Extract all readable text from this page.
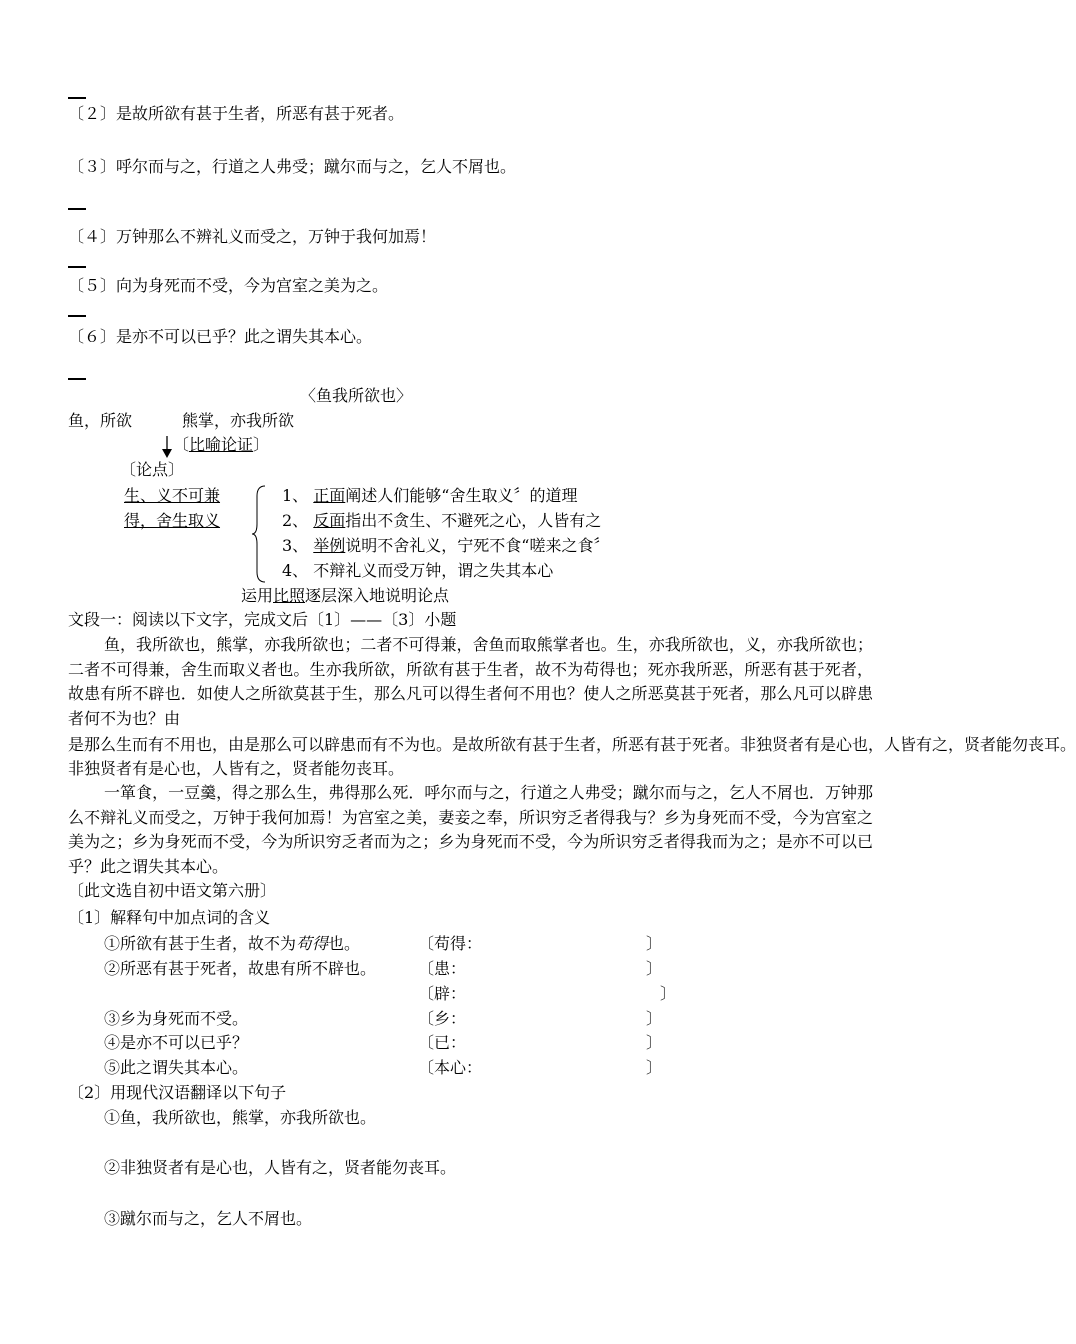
〔２〕是故所欲有甚于生者，所恶有甚于死者。
〔３〕呼尔而与之，行道之人弗受；蹴尔而与之，乞人不屑也。
〔４〕万钟那么不辨礼义而受之，万钟于我何加焉！
〔５〕向为身死而不受，今为宫室之美为之。
〔６〕是亦不可以已乎？此之谓失其本心。
〈鱼我所欲也〉
鱼，所欲	熊掌，亦我所欲
〔比喻论证〕
〔论点〕
生、义不可兼
得，舍生取义
1、 正面阐述人们能够“舍生取义〞的道理
2、 反面指出不贪生、不避死之心，人皆有之
3、 举例说明不舍礼义，宁死不食“嗟来之食〞
4、 不辩礼义而受万钟，谓之失其本心
运用比照逐层深入地说明论点
文段一：阅读以下文字，完成文后〔1〕——〔3〕小题
鱼，我所欲也，熊掌，亦我所欲也；二者不可得兼，舍鱼而取熊掌者也。生，亦我所欲也，义，亦我所欲也；二者不可得兼，舍生而取义者也。生亦我所欲，所欲有甚于生者，故不为苟得也；死亦我所恶，所恶有甚于死者，故患有所不辟也．如使人之所欲莫甚于生，那么凡可以得生者何不用也？使人之所恶莫甚于死者，那么凡可以辟患者何不为也？由
是那么生而有不用也，由是那么可以辟患而有不为也。是故所欲有甚于生者，所恶有甚于死者。非独贤者有是心也，人皆有之，贤者能勿丧耳。
非独贤者有是心也，人皆有之，贤者能勿丧耳。
一箪食，一豆羹，得之那么生，弗得那么死．呼尔而与之，行道之人弗受；蹴尔而与之，乞人不屑也．万钟那么不辩礼义而受之，万钟于我何加焉！为宫室之美，妻妾之奉，所识穷乏者得我与？乡为身死而不受，今为宫室之美为之；乡为身死而不受，今为所识穷乏者而为之；乡为身死而不受，今为所识穷乏者得我而为之；是亦不可以已乎？此之谓失其本心。
〔此文选自初中语文第六册〕
〔1〕解释句中加点词的含义
①所欲有甚于生者，故不为苟得也。	〔苟得：	〕
②所恶有甚于死者，故患有所不辟也。	〔患：	〕
〔辟：	〕
③乡为身死而不受。	〔乡：	〕
④是亦不可以已乎？	〔已：	〕
⑤此之谓失其本心。	〔本心：	〕
〔2〕用现代汉语翻译以下句子
①鱼，我所欲也，熊掌，亦我所欲也。
②非独贤者有是心也，人皆有之，贤者能勿丧耳。
③蹴尔而与之，乞人不屑也。
